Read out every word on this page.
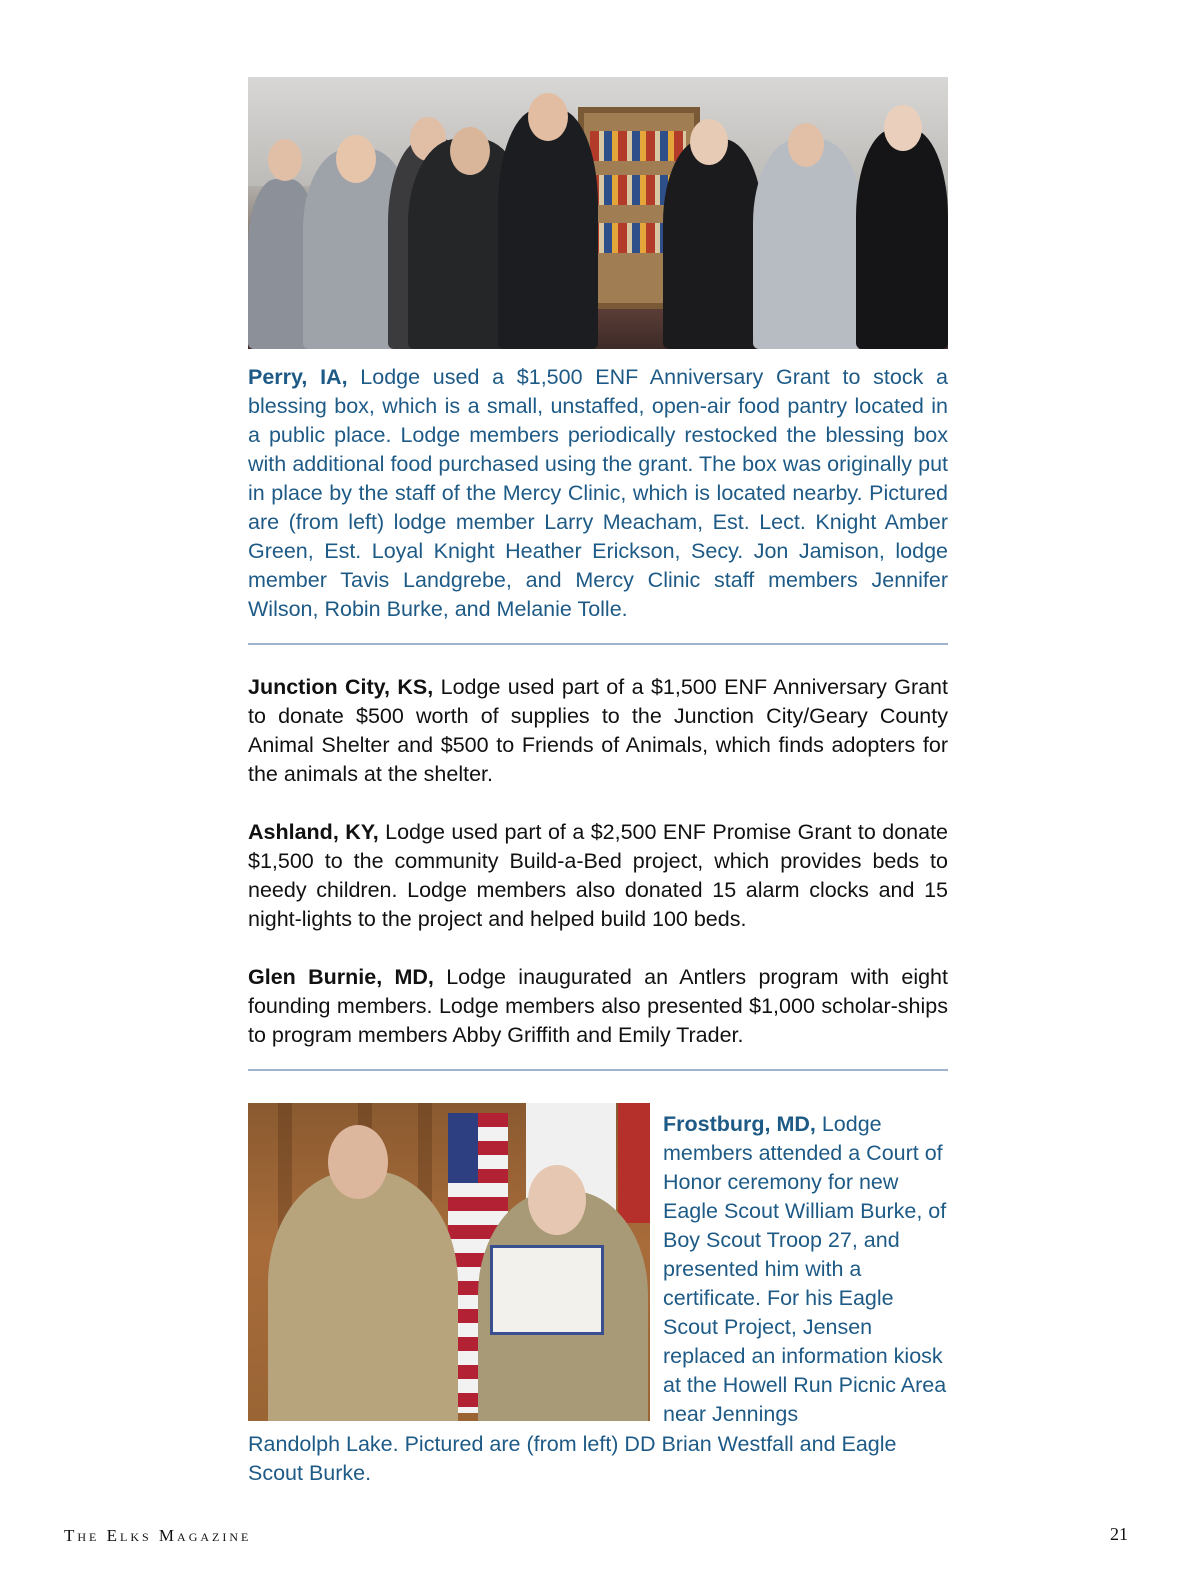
Perry, IA, Lodge used a $1,500 ENF Anniversary Grant to stock a blessing box, which is a small, unstaffed, open-air food pantry located in a public place. Lodge members periodically restocked the blessing box with additional food purchased using the grant. The box was originally put in place by the staff of the Mercy Clinic, which is located nearby. Pictured are (from left) lodge member Larry Meacham, Est. Lect. Knight Amber Green, Est. Loyal Knight Heather Erickson, Secy. Jon Jamison, lodge member Tavis Landgrebe, and Mercy Clinic staff members Jennifer Wilson, Robin Burke, and Melanie Tolle.

Junction City, KS, Lodge used part of a $1,500 ENF Anniversary Grant to donate $500 worth of supplies to the Junction City/Geary County Animal Shelter and $500 to Friends of Animals, which finds adopters for the animals at the shelter.

Ashland, KY, Lodge used part of a $2,500 ENF Promise Grant to donate $1,500 to the community Build-a-Bed project, which provides beds to needy children. Lodge members also donated 15 alarm clocks and 15 night-lights to the project and helped build 100 beds.

Glen Burnie, MD, Lodge inaugurated an Antlers program with eight founding members. Lodge members also presented $1,000 scholar-ships to program members Abby Griffith and Emily Trader.

Frostburg, MD, Lodge members attended a Court of Honor ceremony for new Eagle Scout William Burke, of Boy Scout Troop 27, and presented him with a certificate. For his Eagle Scout Project, Jensen replaced an information kiosk at the Howell Run Picnic Area near Jennings

Randolph Lake. Pictured are (from left) DD Brian Westfall and Eagle Scout Burke.

The Elks Magazine	21
